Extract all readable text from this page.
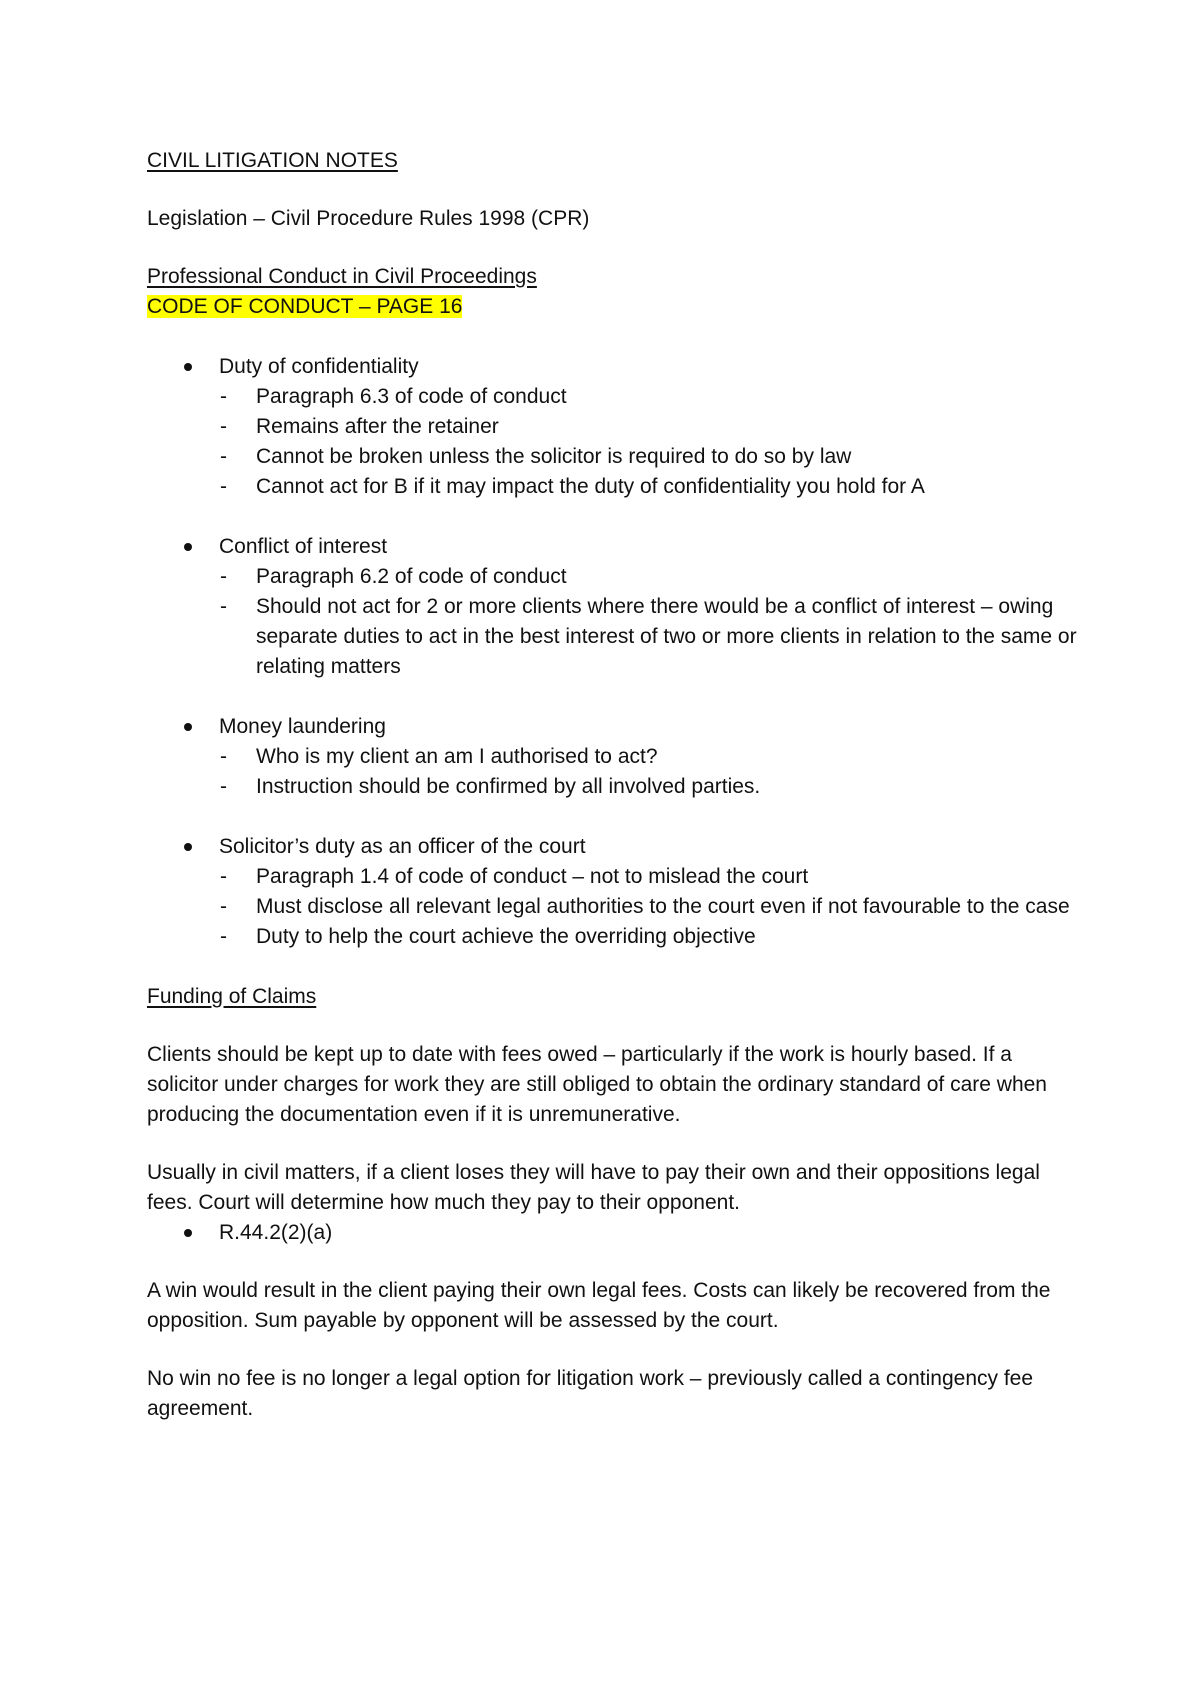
CIVIL LITIGATION NOTES

Legislation – Civil Procedure Rules 1998 (CPR)

Professional Conduct in Civil Proceedings

CODE OF CONDUCT – PAGE 16

Duty of confidentiality
- Paragraph 6.3 of code of conduct
- Remains after the retainer
- Cannot be broken unless the solicitor is required to do so by law
- Cannot act for B if it may impact the duty of confidentiality you hold for A
Conflict of interest
- Paragraph 6.2 of code of conduct
- Should not act for 2 or more clients where there would be a conflict of interest – owing separate duties to act in the best interest of two or more clients in relation to the same or relating matters
Money laundering
- Who is my client an am I authorised to act?
- Instruction should be confirmed by all involved parties.
Solicitor’s duty as an officer of the court
- Paragraph 1.4 of code of conduct – not to mislead the court
- Must disclose all relevant legal authorities to the court even if not favourable to the case
- Duty to help the court achieve the overriding objective

Funding of Claims

Clients should be kept up to date with fees owed – particularly if the work is hourly based. If a solicitor under charges for work they are still obliged to obtain the ordinary standard of care when producing the documentation even if it is unremunerative.

Usually in civil matters, if a client loses they will have to pay their own and their oppositions legal fees. Court will determine how much they pay to their opponent.

R.44.2(2)(a)

A win would result in the client paying their own legal fees. Costs can likely be recovered from the opposition. Sum payable by opponent will be assessed by the court.

No win no fee is no longer a legal option for litigation work – previously called a contingency fee agreement.
